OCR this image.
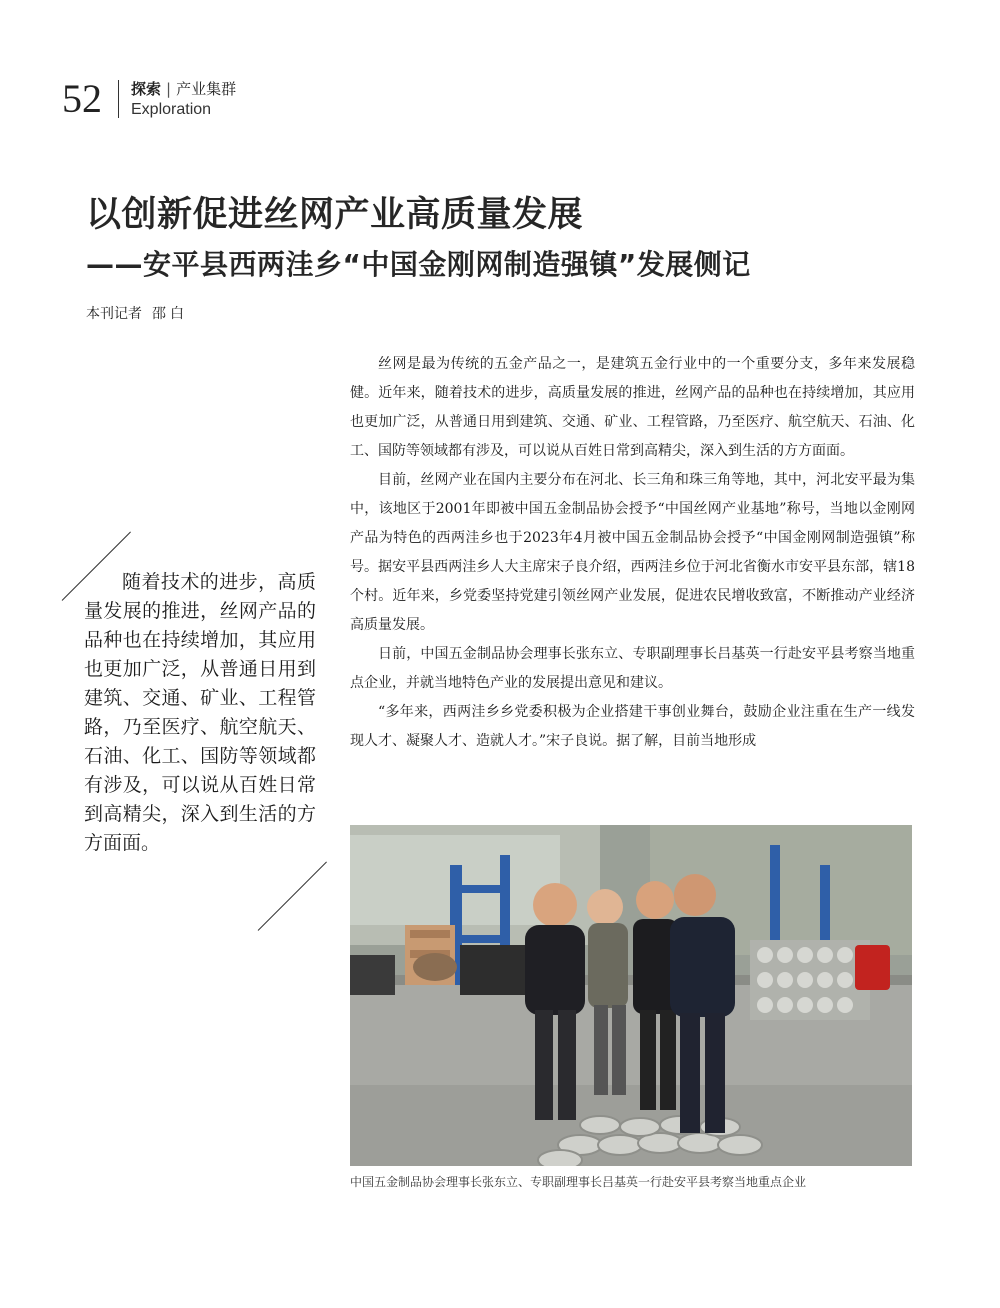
52 探索 | 产业集群
Exploration
以创新促进丝网产业高质量发展
——安平县西两洼乡“中国金刚网制造强镇”发展侧记
本刊记者 邵白

丝网是最为传统的五金产品之一，是建筑五金行业中的一个重要分支，多年来发展稳健。近年来，随着技术的进步，高质量发展的推进，丝网产品的品种也在持续增加，其应用也更加广泛，从普通日用到建筑、交通、矿业、工程管路，乃至医疗、航空航天、石油、化工、国防等领域都有涉及，可以说从百姓日常到高精尖，深入到生活的方方面面。

目前，丝网产业在国内主要分布在河北、长三角和珠三角等地，其中，河北安平最为集中，该地区于2001年即被中国五金制品协会授予“中国丝网产业基地”称号，当地以金刚网产品为特色的西两洼乡也于2023年4月被中国五金制品协会授予“中国金刚网制造强镇”称号。据安平县西两洼乡人大主席宋子良介绍，西两洼乡位于河北省衡水市安平县东部，辖18个村。近年来，乡党委坚持党建引领丝网产业发展，促进农民增收致富，不断推动产业经济高质量发展。

日前，中国五金制品协会理事长张东立、专职副理事长吕基英一行赴安平县考察当地重点企业，并就当地特色产业的发展提出意见和建议。

“多年来，西两洼乡乡党委积极为企业搭建干事创业舞台，鼓励企业注重在生产一线发现人才、凝聚人才、造就人才。”宋子良说。据了解，目前当地形成

随着技术的进步，高质量发展的推进，丝网产品的品种也在持续增加，其应用也更加广泛，从普通日用到建筑、交通、矿业、工程管路，乃至医疗、航空航天、石油、化工、国防等领域都有涉及，可以说从百姓日常到高精尖，深入到生活的方方面面。
中国五金制品协会理事长张东立、专职副理事长吕基英一行赴安平县考察当地重点企业
